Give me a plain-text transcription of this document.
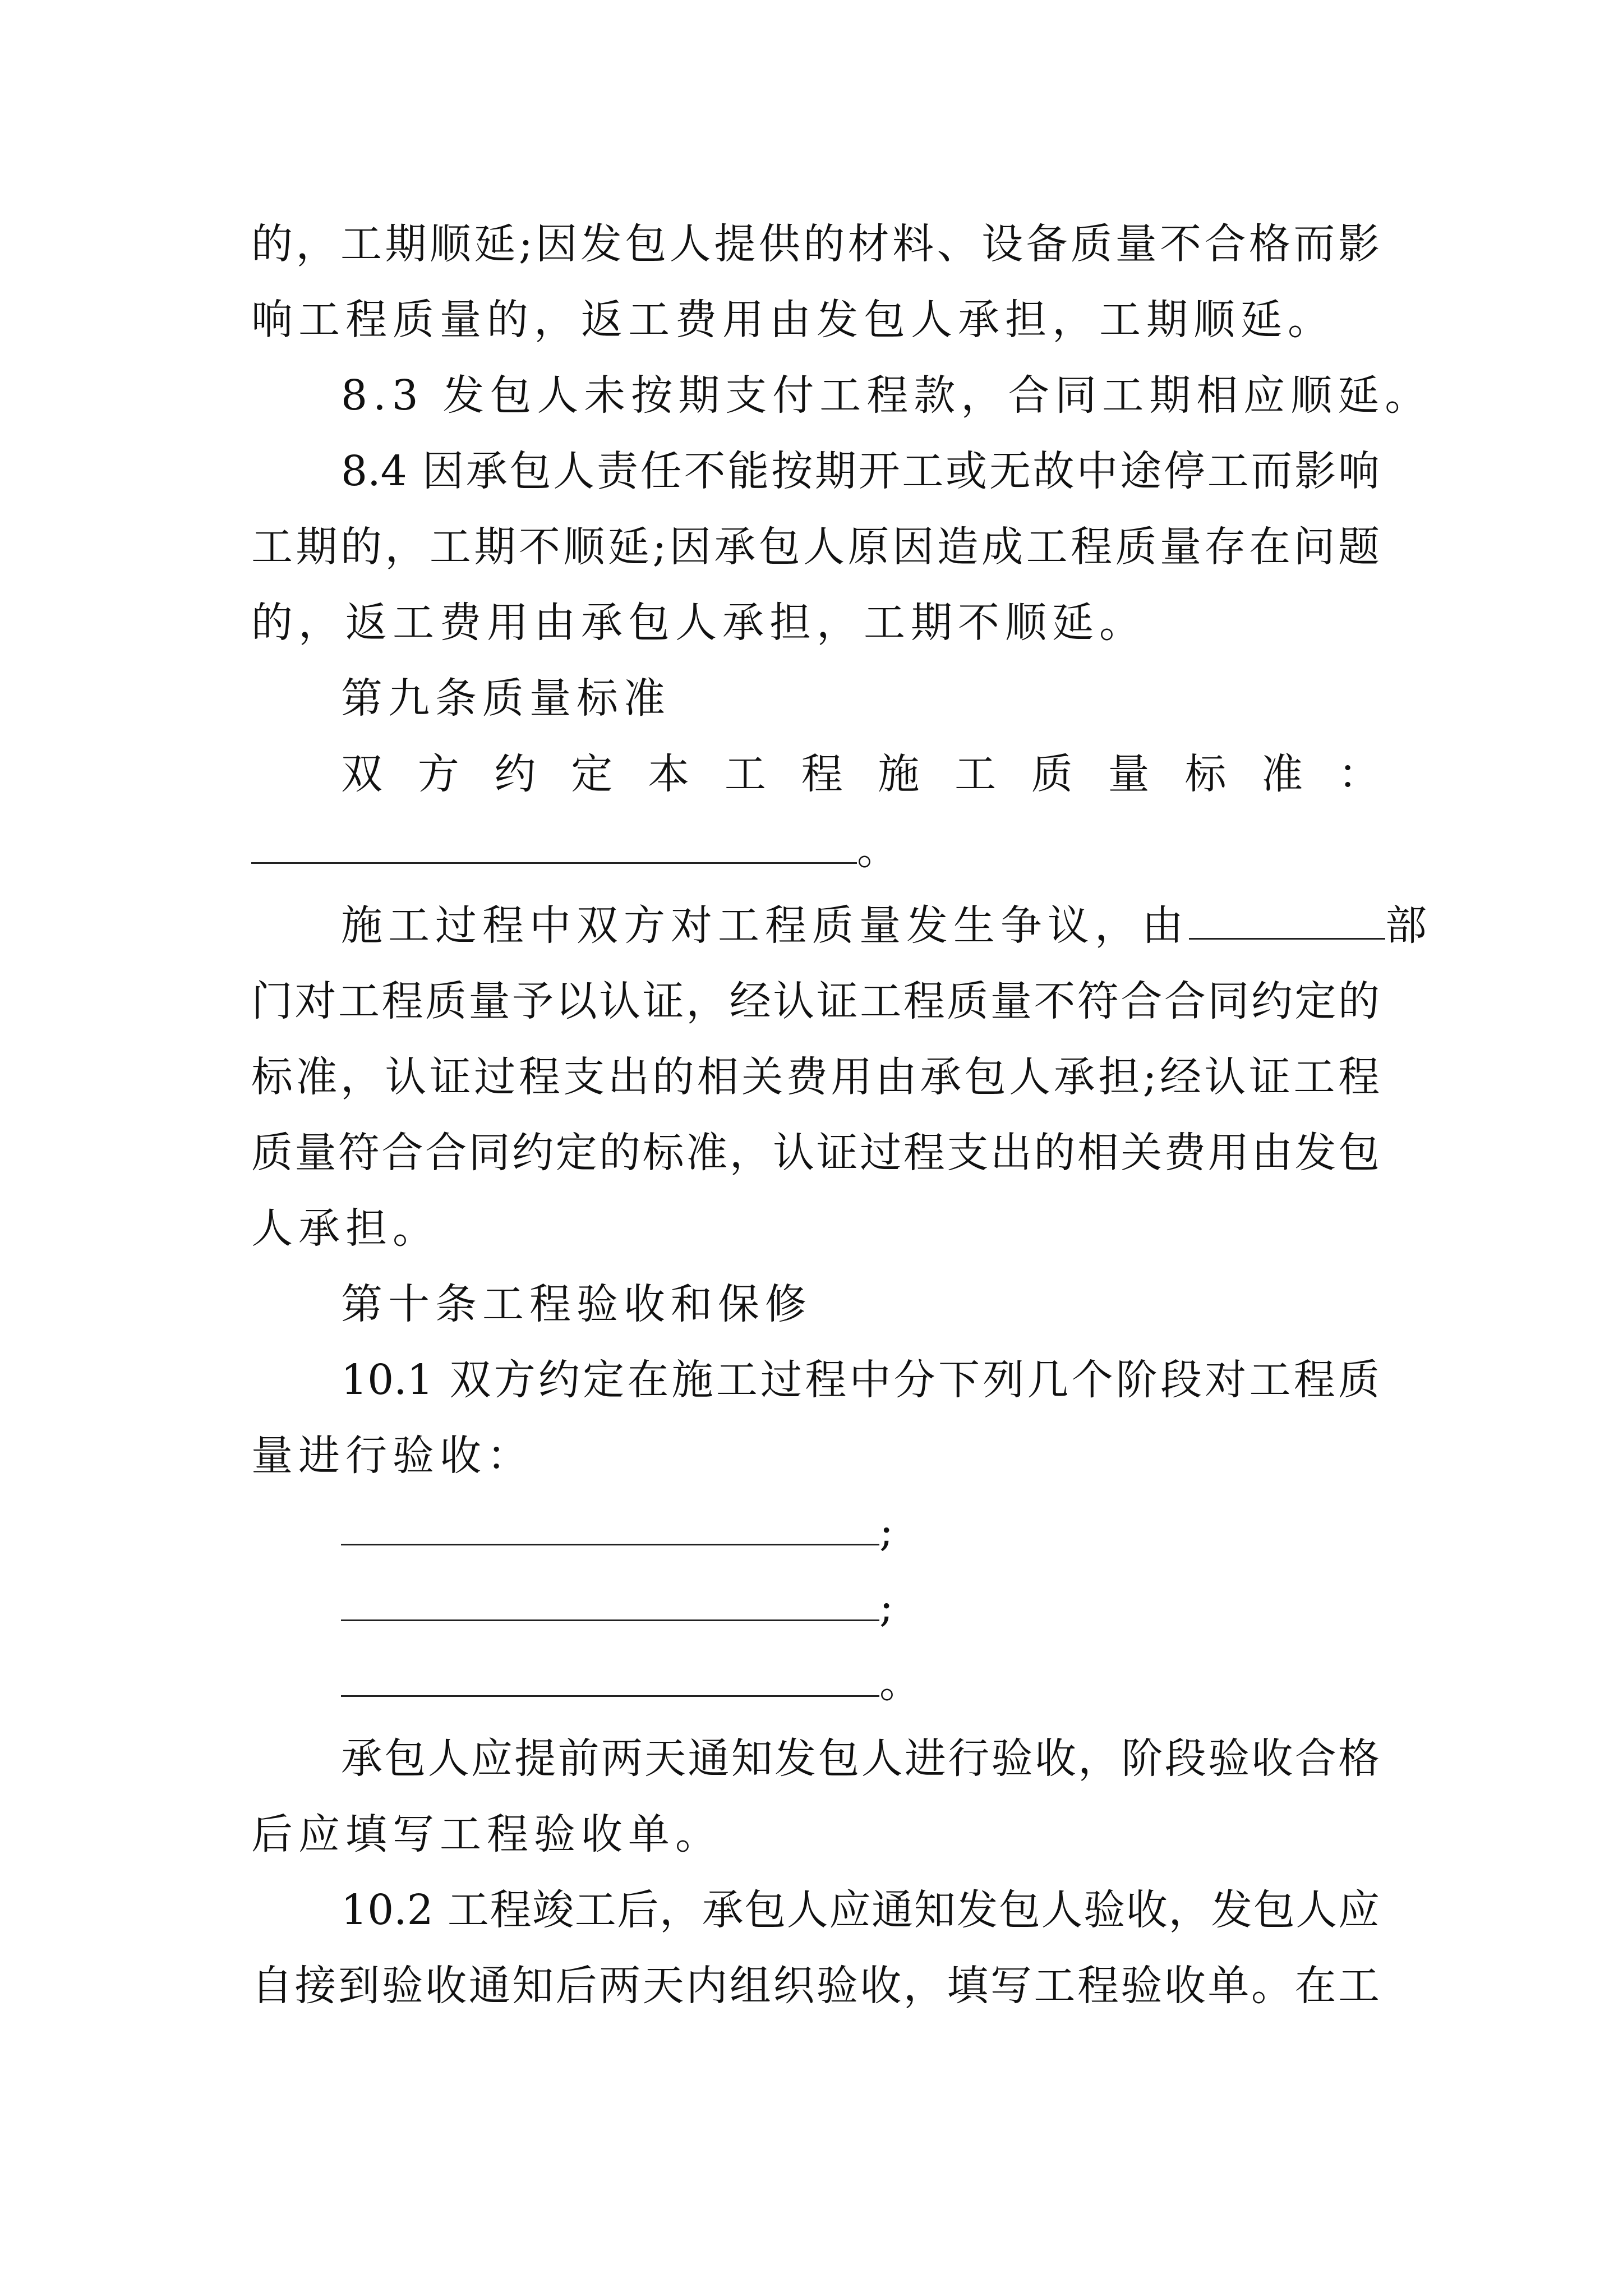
的，工期顺延;因发包人提供的材料、设备质量不合格而影
响工程质量的，返工费用由发包人承担，工期顺延。
8.3 发包人未按期支付工程款，合同工期相应顺延。
8.4 因承包人责任不能按期开工或无故中途停工而影响
工期的，工期不顺延;因承包人原因造成工程质量存在问题
的，返工费用由承包人承担，工期不顺延。
第九条质量标准
双 方 约 定 本 工 程 施 工 质 量 标 准 ：
。
施工过程中双方对工程质量发生争议，由	部
门对工程质量予以认证，经认证工程质量不符合合同约定的
标准，认证过程支出的相关费用由承包人承担;经认证工程
质量符合合同约定的标准，认证过程支出的相关费用由发包
人承担。
第十条工程验收和保修
10.1 双方约定在施工过程中分下列几个阶段对工程质
量进行验收：
;
;
。
承包人应提前两天通知发包人进行验收，阶段验收合格
后应填写工程验收单。
10.2 工程竣工后，承包人应通知发包人验收，发包人应
自接到验收通知后两天内组织验收，填写工程验收单。在工
